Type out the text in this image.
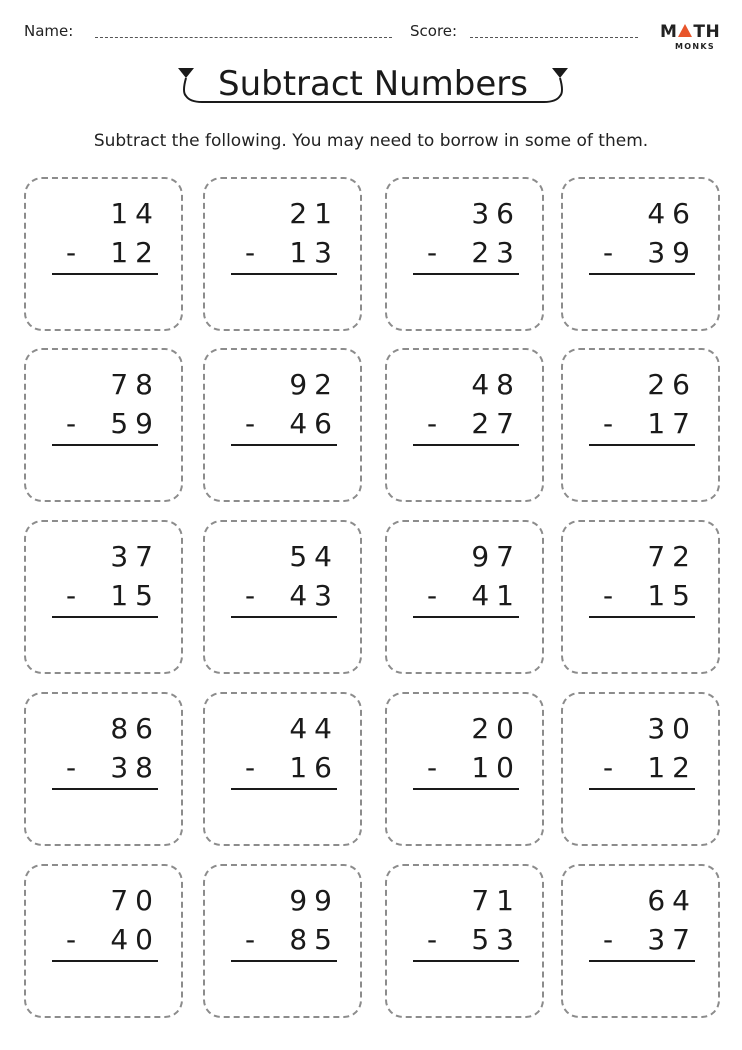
Name:	Score:	M TH
MONKS
Subtract Numbers
Subtract the following. You may need to borrow in some of them.
14
- 12
21
- 13
36
- 23
46
- 39
78
- 59
92
- 46
48
- 27
26
- 17
37
- 15
54
- 43
97
- 41
72
- 15
86
- 38
44
- 16
20
- 10
30
- 12
70
- 40
99
- 85
71
- 53
64
- 37
